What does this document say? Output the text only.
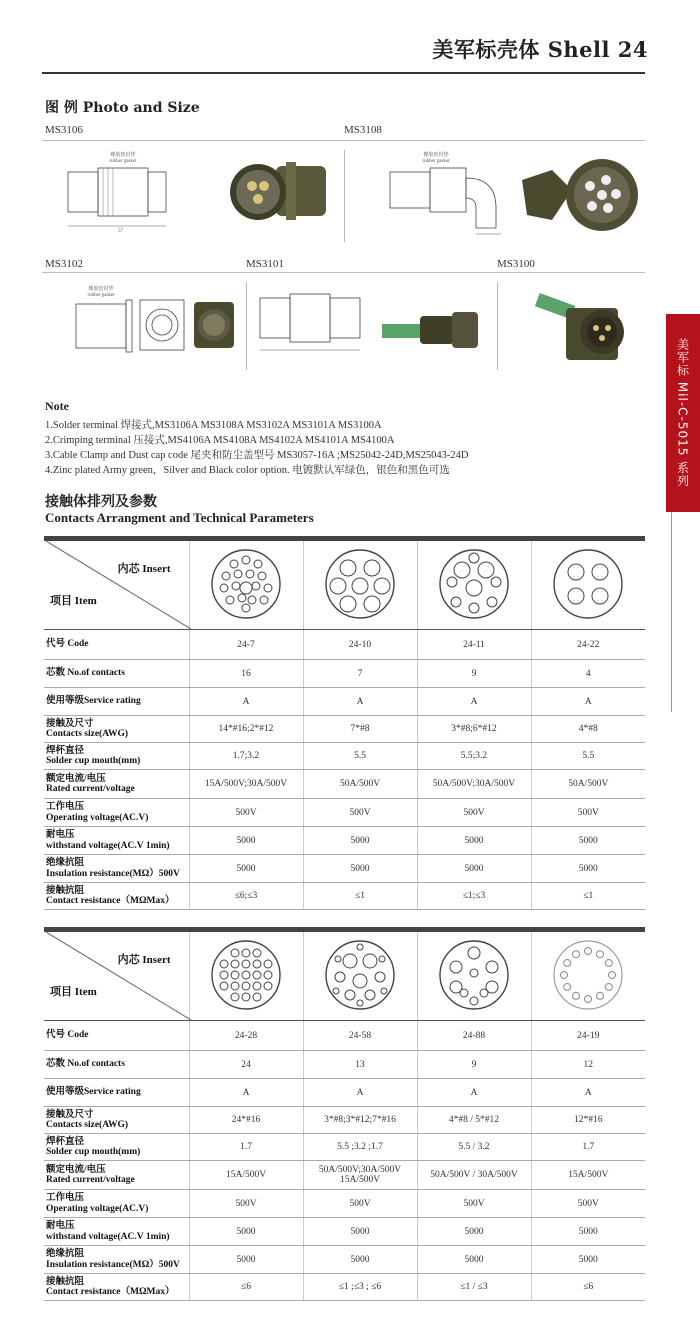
美军标壳体 Shell 24
图 例 Photo and Size
MS3106	MS3108
橡胶密封垫
rubber gasket
57
橡胶密封垫
rubber gasket
MS3102	MS3101	MS3100
橡胶密封垫
rubber gasket
Note
1.Solder terminal 焊接式,MS3106A MS3108A MS3102A MS3101A MS3100A
2.Crimping terminal 压接式,MS4106A MS4108A MS4102A MS4101A MS4100A
3.Cable Clamp and Dust cap code 尾夹和防尘盖型号 MS3057-16A ;MS25042-24D,MS25043-24D
4.Zinc plated Army green，Silver and Black color option. 电镀默认军绿色，银色和黑色可选	美军标 Mil-C-5015 系列
接触体排列及参数
Contacts Arrangment and Technical Parameters
内芯 Insert
项目 Item

代号 Code	24-7	24-10	24-11	24-22

芯数 No.of contacts	16	7	9	4

使用等级Service rating	A	A	A	A

接触及尺寸
Contacts size(AWG)	14*#16;2*#12	7*#8	3*#8;6*#12	4*#8

焊杯直径
Solder cup mouth(mm)	1.7;3.2	5.5	5.5;3.2	5.5

额定电流/电压
Rated current/voltage	15A/500V;30A/500V	50A/500V	50A/500V;30A/500V	50A/500V

工作电压
Operating voltage(AC.V)	500V	500V	500V	500V

耐电压
withstand voltage(AC.V 1min)	5000	5000	5000	5000

绝缘抗阻
Insulation resistance(MΩ）500V	5000	5000	5000	5000

接触抗阻
Contact resistance（MΩMax）	≤6;≤3	≤1	≤1;≤3	≤1
内芯 Insert
项目 Item

代号 Code	24-28	24-58	24-88	24-19

芯数 No.of contacts	24	13	9	12

使用等级Service rating	A	A	A	A

接触及尺寸
Contacts size(AWG)	24*#16	3*#8;3*#12;7*#16	4*#8 / 5*#12	12*#16

焊杯直径
Solder cup mouth(mm)	1.7	5.5 ;3.2 ;1.7	5.5 / 3.2	1.7

额定电流/电压
Rated current/voltage	15A/500V	50A/500V;30A/500V 15A/500V	50A/500V / 30A/500V	15A/500V

工作电压
Operating voltage(AC.V)	500V	500V	500V	500V

耐电压
withstand voltage(AC.V 1min)	5000	5000	5000	5000

绝缘抗阻
Insulation resistance(MΩ）500V	5000	5000	5000	5000

接触抗阻
Contact resistance（MΩMax）	≤6	≤1 ;≤3 ; ≤6	≤1 / ≤3	≤6
